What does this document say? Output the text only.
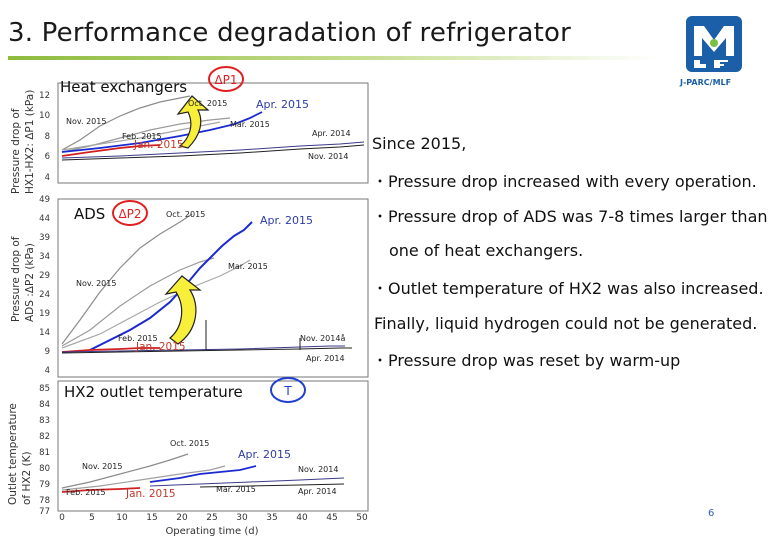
3. Performance degradation of refrigerator
J-PARC/MLF
12
10
8
6
4
Pressure drop of HX1-HX2: ΔP1 (kPa)	Oct. 2015	Apr. 2015
Nov. 2015	Mar. 2015
Apr. 2014
Feb. 2015
Jan. 2015
Nov. 2014
Heat exchangers ΔP1
49
44
39
34
29
24
19
14
9
4
Pressure drop of ADS :ΔP2 (kPa)
Oct. 2015	Apr. 2015
Mar. 2015
Nov. 2015
Feb. 2015
Jan. 2015
Nov. 2014å
Apr. 2014
ADS ΔP2
85
84
83
82
81
80
79
78
77
Outlet temperature of HX2 (K)
0	5 10 15 20 25 30 35 40 45 50
Operating time (d)
Oct. 2015
Apr. 2015
Nov. 2015	Nov. 2014
Feb. 2015 Jan. 2015	Mar. 2015	Apr. 2014
HX2 outlet temperature	T
Since 2015,
・Pressure drop increased with every operation.
・Pressure drop of ADS was 7-8 times larger than
one of heat exchangers.
・Outlet temperature of HX2 was also increased.
Finally, liquid hydrogen could not be generated.
・Pressure drop was reset by warm-up
6
